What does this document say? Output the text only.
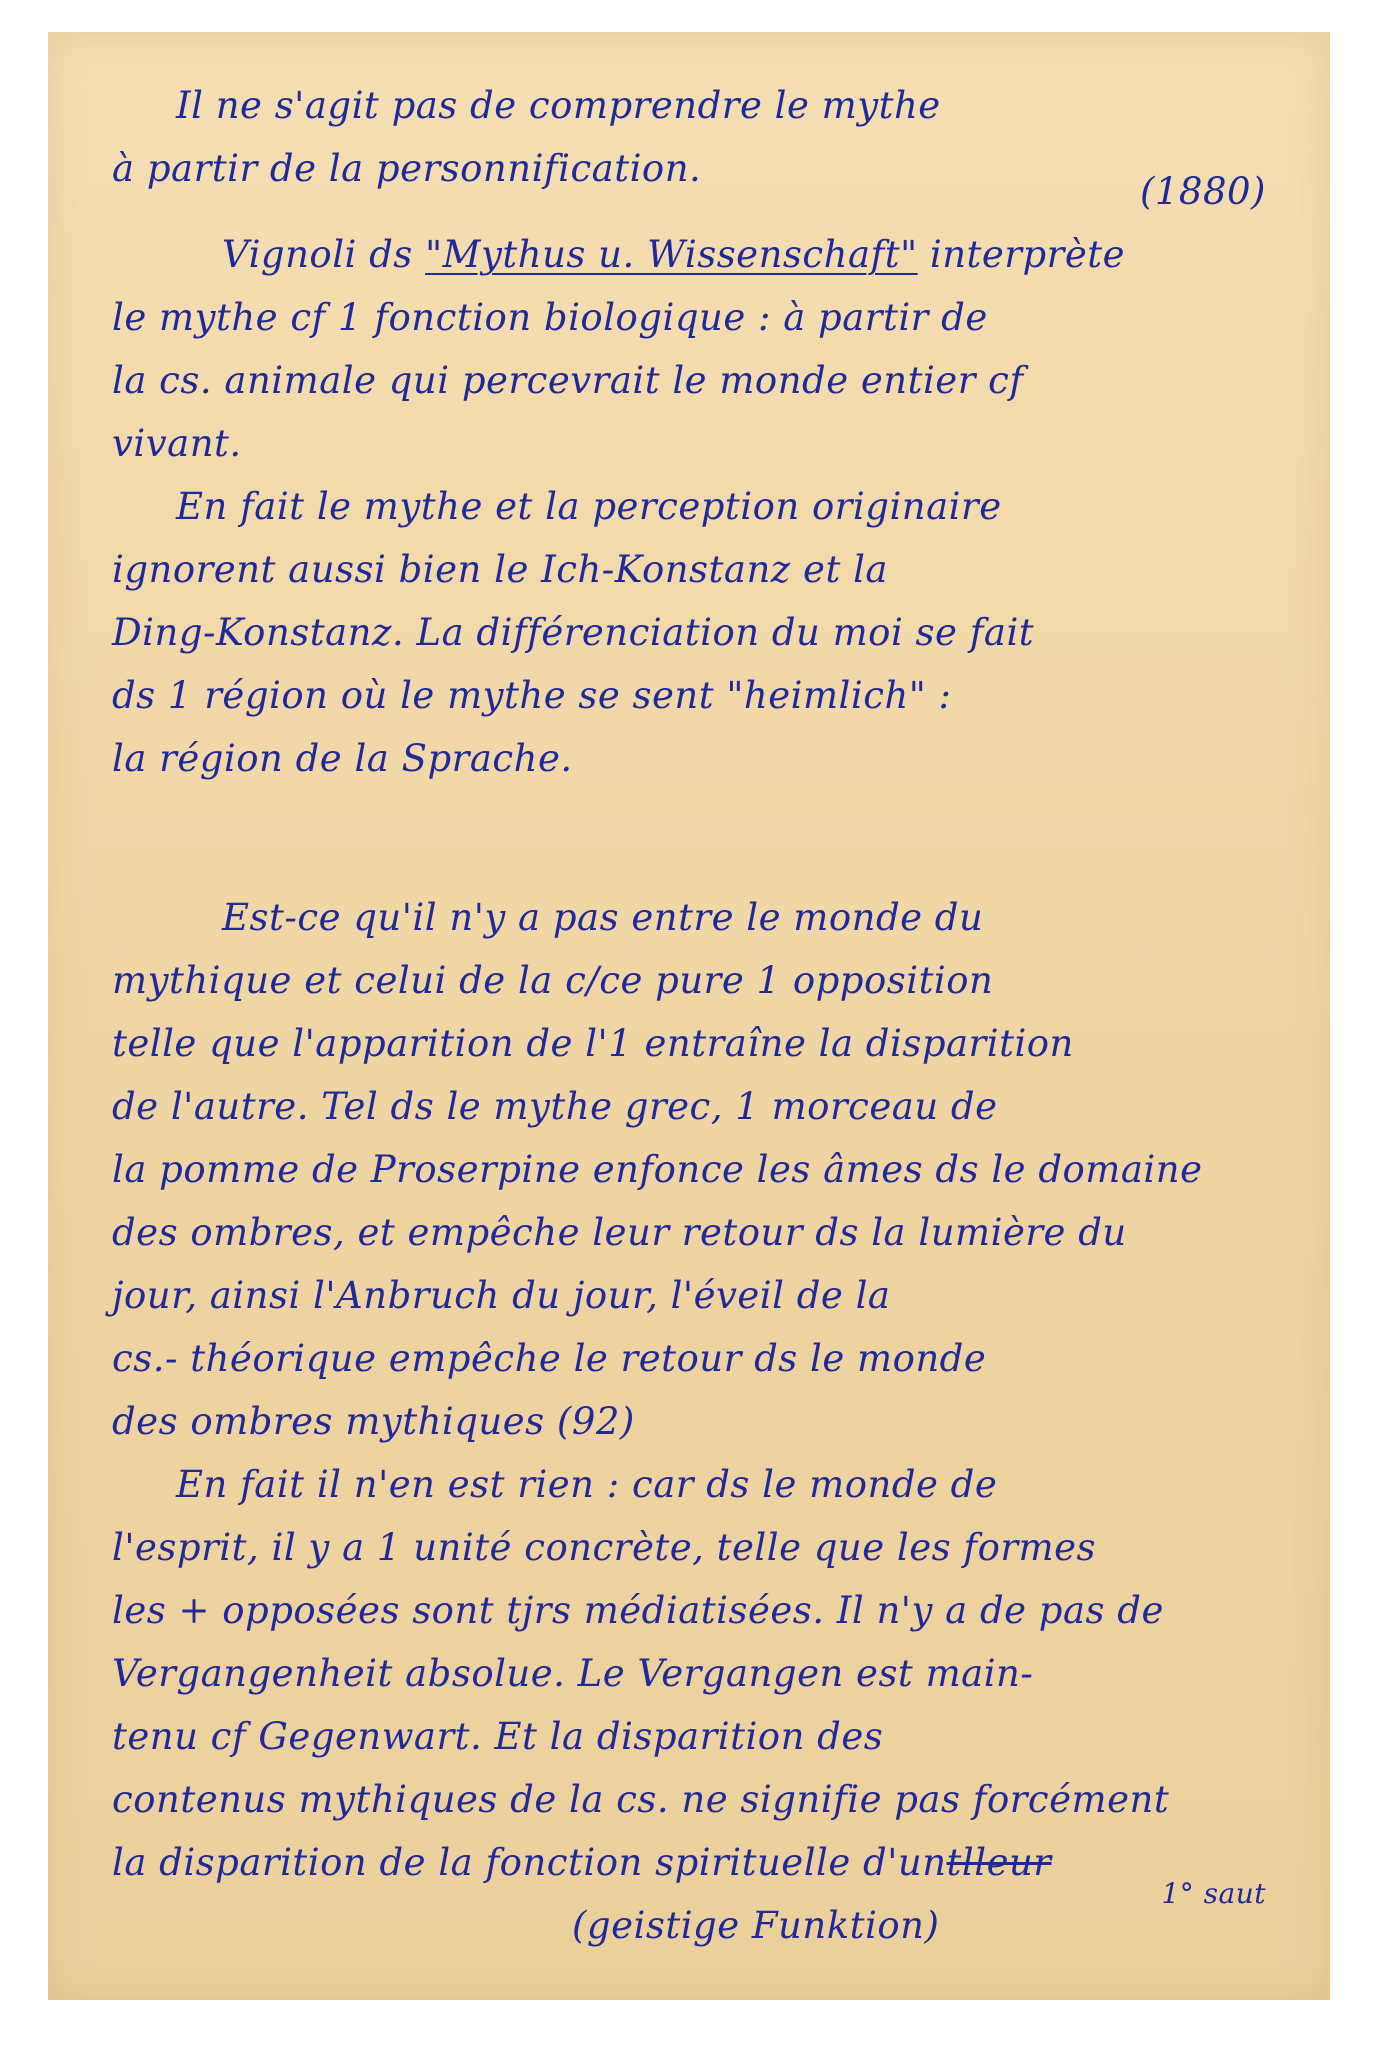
Il ne s'agit pas de comprendre le mythe

à partir de la personnification.

(1880)

Vignoli ds "Mythus u. Wissenschaft" interprète

le mythe cf 1 fonction biologique : à partir de

la cs. animale qui percevrait le monde entier cf

vivant.

En fait le mythe et la perception originaire

ignorent aussi bien le Ich-Konstanz et la

Ding-Konstanz. La différenciation du moi se fait

ds 1 région où le mythe se sent "heimlich" :

la région de la Sprache.

Est-ce qu'il n'y a pas entre le monde du

mythique et celui de la c/ce pure 1 opposition

telle que l'apparition de l'1 entraîne la disparition

de l'autre. Tel ds le mythe grec, 1 morceau de

la pomme de Proserpine enfonce les âmes ds le domaine

des ombres, et empêche leur retour ds la lumière du

jour, ainsi l'Anbruch du jour, l'éveil de la

cs.- théorique empêche le retour ds le monde

des ombres mythiques (92)

En fait il n'en est rien : car ds le monde de

l'esprit, il y a 1 unité concrète, telle que les formes

les + opposées sont tjrs médiatisées. Il n'y a de pas de

Vergangenheit absolue. Le Vergangen est main-

tenu cf Gegenwart. Et la disparition des

contenus mythiques de la cs. ne signifie pas forcément

la disparition de la fonction spirituelle d'untlleur

(geistige Funktion)

1° saut
